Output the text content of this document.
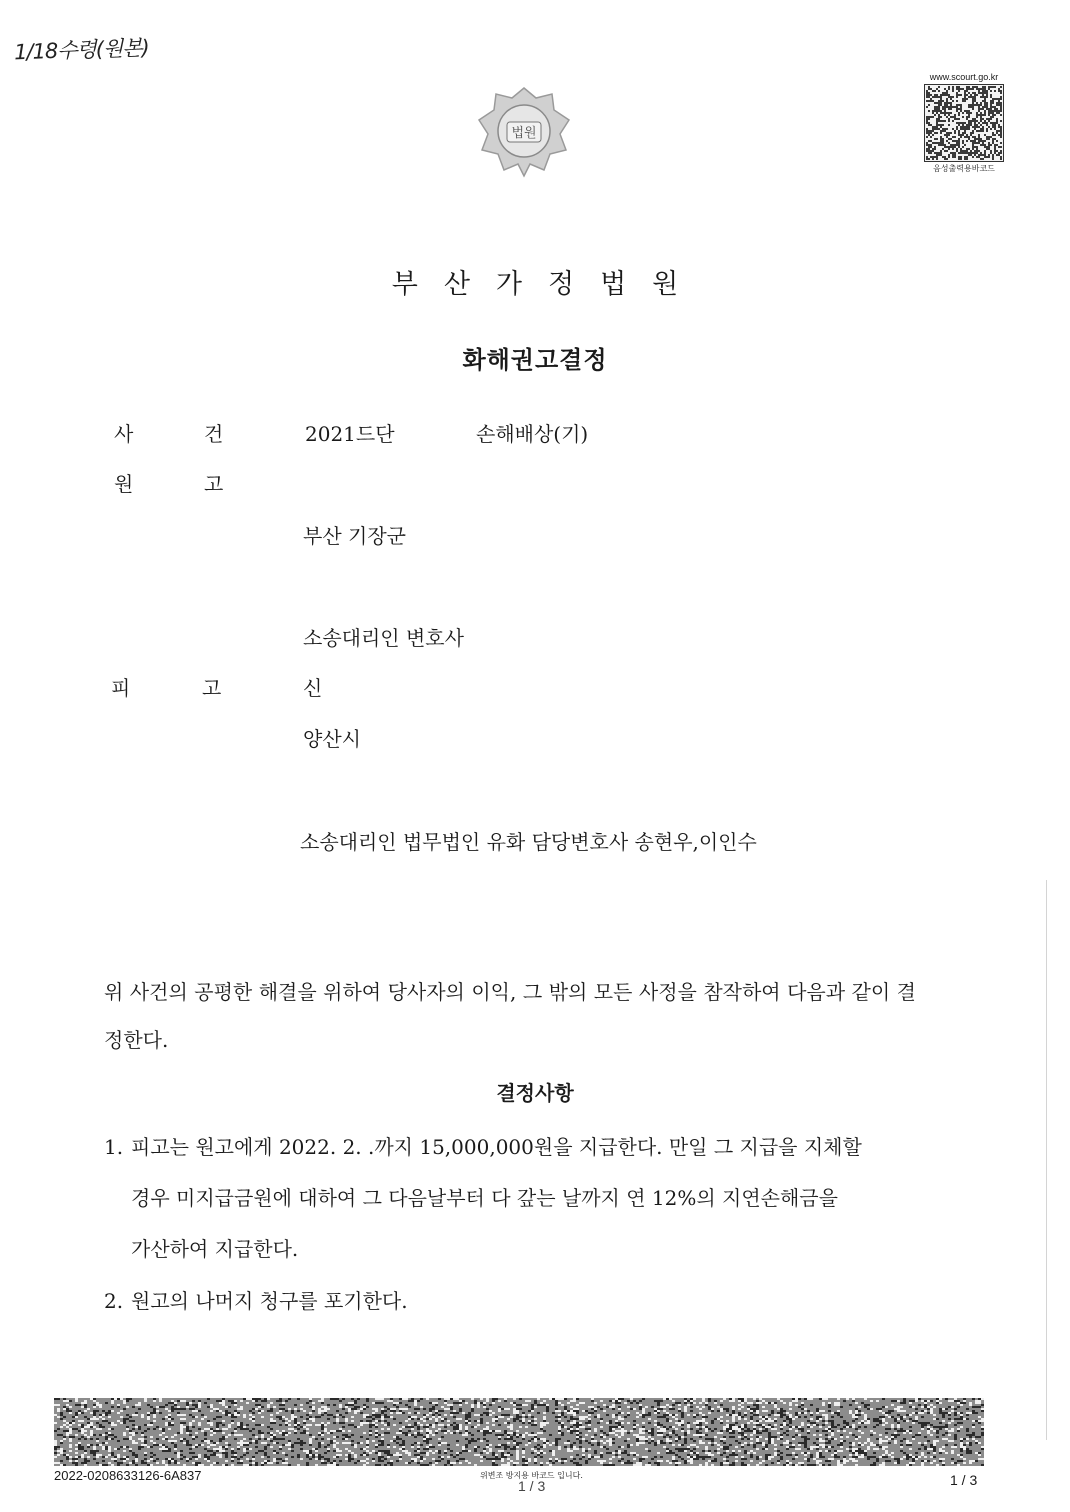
1/18수령(원본)
법원
www.scourt.go.kr
음성출력용바코드
부산가정법원
화해권고결정
사	건	2021드단	손해배상(기)
원	고
부산 기장군
소송대리인 변호사
피	고	신
양산시
소송대리인 법무법인 유화 담당변호사 송현우,이인수
위 사건의 공평한 해결을 위하여 당사자의 이익, 그 밖의 모든 사정을 참작하여 다음과 같이 결정한다.
결정사항
1. 피고는 원고에게 2022. 2. .까지 15,000,000원을 지급한다. 만일 그 지급을 지체할
경우 미지급금원에 대하여 그 다음날부터 다 갚는 날까지 연 12%의 지연손해금을
가산하여 지급한다.
2. 원고의 나머지 청구를 포기한다.
2022-0208633126-6A837	위변조 방지용 바코드 입니다.
1 / 3	1 / 3
